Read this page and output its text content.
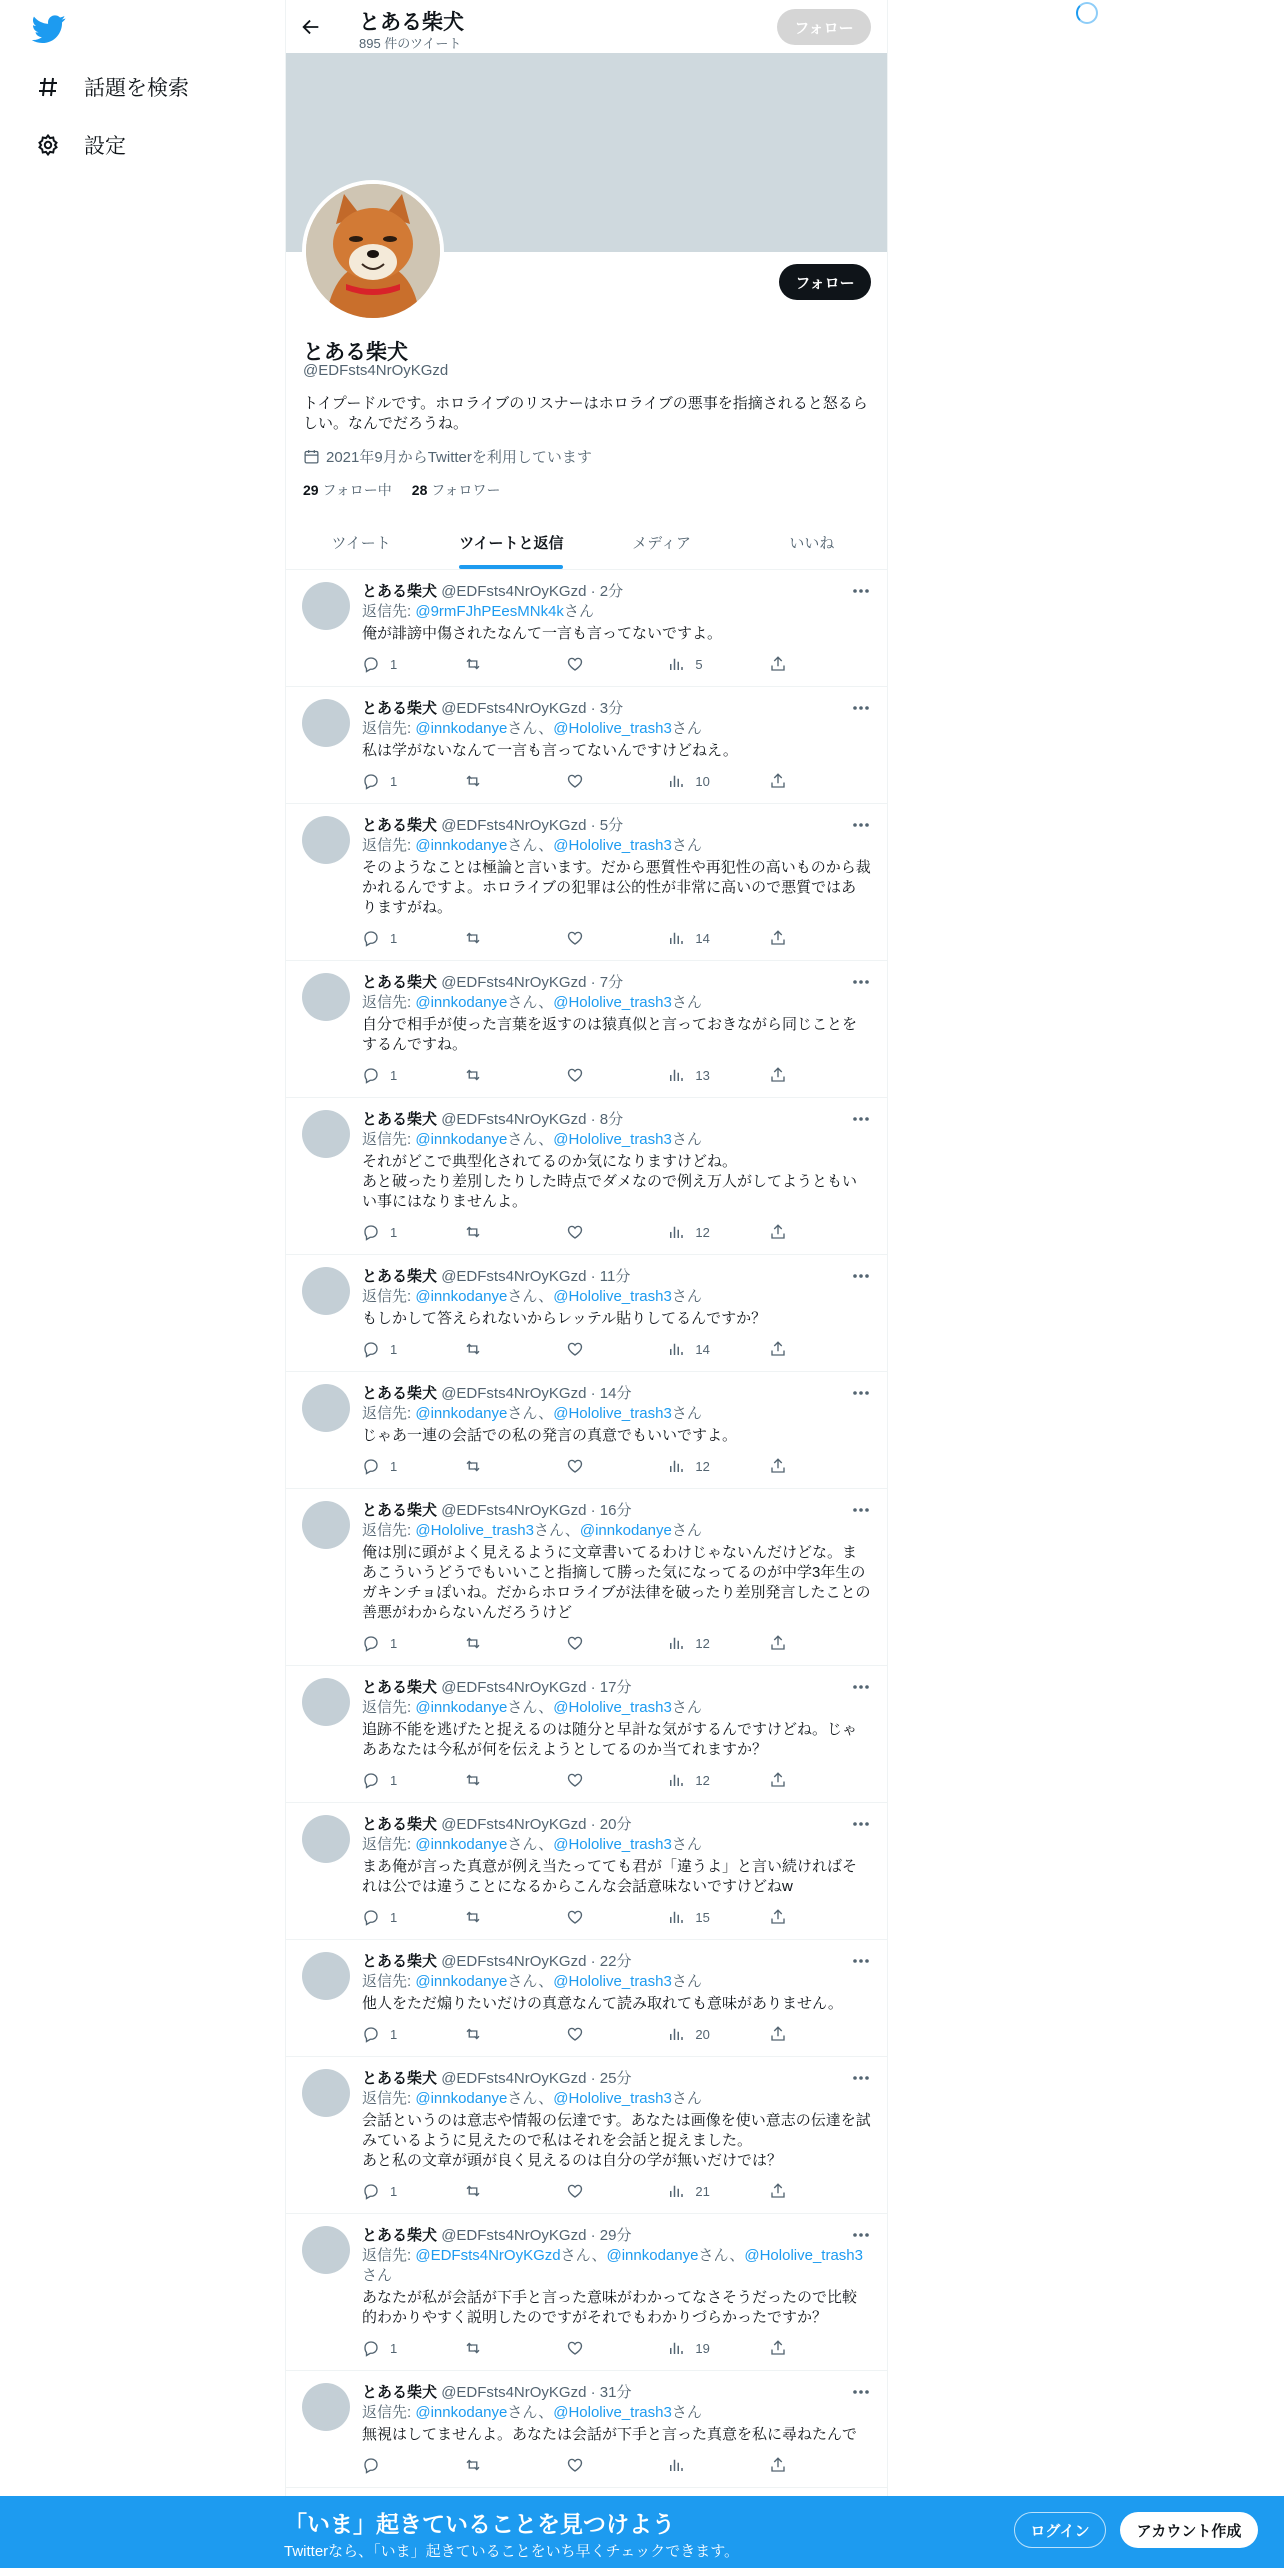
話題を検索
設定
とある柴犬
895 件のツイート
フォロー
フォロー
とある柴犬
@EDFsts4NrOyKGzd
トイプードルです。ホロライブのリスナーはホロライブの悪事を指摘されると怒るらしい。なんでだろうね。
2021年9月からTwitterを利用しています
29 フォロー中 28 フォロワー
ツイート	ツイートと返信	メディア	いいね
とある柴犬 @EDFsts4NrOyKGzd · 2分
返信先: @9rmFJhPEesMNk4kさん
俺が誹謗中傷されたなんて一言も言ってないですよ。
1	5
とある柴犬 @EDFsts4NrOyKGzd · 3分
返信先: @innkodanyeさん、@Hololive_trash3さん
私は学がないなんて一言も言ってないんですけどねえ。
1	10
とある柴犬 @EDFsts4NrOyKGzd · 5分
返信先: @innkodanyeさん、@Hololive_trash3さん
そのようなことは極論と言います。だから悪質性や再犯性の高いものから裁かれるんですよ。ホロライブの犯罪は公的性が非常に高いので悪質ではありますがね。
1	14
とある柴犬 @EDFsts4NrOyKGzd · 7分
返信先: @innkodanyeさん、@Hololive_trash3さん
自分で相手が使った言葉を返すのは猿真似と言っておきながら同じことをするんですね。
1	13
とある柴犬 @EDFsts4NrOyKGzd · 8分
返信先: @innkodanyeさん、@Hololive_trash3さん
それがどこで典型化されてるのか気になりますけどね。
あと破ったり差別したりした時点でダメなので例え万人がしてようともいい事にはなりませんよ。
1	12
とある柴犬 @EDFsts4NrOyKGzd · 11分
返信先: @innkodanyeさん、@Hololive_trash3さん
もしかして答えられないからレッテル貼りしてるんですか？
1	14
とある柴犬 @EDFsts4NrOyKGzd · 14分
返信先: @innkodanyeさん、@Hololive_trash3さん
じゃあ一連の会話での私の発言の真意でもいいですよ。
1	12
とある柴犬 @EDFsts4NrOyKGzd · 16分
返信先: @Hololive_trash3さん、@innkodanyeさん
俺は別に頭がよく見えるように文章書いてるわけじゃないんだけどな。まあこういうどうでもいいこと指摘して勝った気になってるのが中学3年生のガキンチョぽいね。だからホロライブが法律を破ったり差別発言したことの善悪がわからないんだろうけど
1	12
とある柴犬 @EDFsts4NrOyKGzd · 17分
返信先: @innkodanyeさん、@Hololive_trash3さん
追跡不能を逃げたと捉えるのは随分と早計な気がするんですけどね。じゃああなたは今私が何を伝えようとしてるのか当てれますか？
1	12
とある柴犬 @EDFsts4NrOyKGzd · 20分
返信先: @innkodanyeさん、@Hololive_trash3さん
まあ俺が言った真意が例え当たってても君が「違うよ」と言い続ければそれは公では違うことになるからこんな会話意味ないですけどねw
1	15
とある柴犬 @EDFsts4NrOyKGzd · 22分
返信先: @innkodanyeさん、@Hololive_trash3さん
他人をただ煽りたいだけの真意なんて読み取れても意味がありません。
1	20
とある柴犬 @EDFsts4NrOyKGzd · 25分
返信先: @innkodanyeさん、@Hololive_trash3さん
会話というのは意志や情報の伝達です。あなたは画像を使い意志の伝達を試みているように見えたので私はそれを会話と捉えました。
あと私の文章が頭が良く見えるのは自分の学が無いだけでは？
1	21
とある柴犬 @EDFsts4NrOyKGzd · 29分
返信先: @EDFsts4NrOyKGzdさん、@innkodanyeさん、@Hololive_trash3さん
あなたが私が会話が下手と言った意味がわかってなさそうだったので比較的わかりやすく説明したのですがそれでもわかりづらかったですか？
1	19
とある柴犬 @EDFsts4NrOyKGzd · 31分
返信先: @innkodanyeさん、@Hololive_trash3さん
無視はしてませんよ。あなたは会話が下手と言った真意を私に尋ねたんで
「いま」起きていることを見つけよう
Twitterなら、「いま」起きていることをいち早くチェックできます。
ログイン	アカウント作成
